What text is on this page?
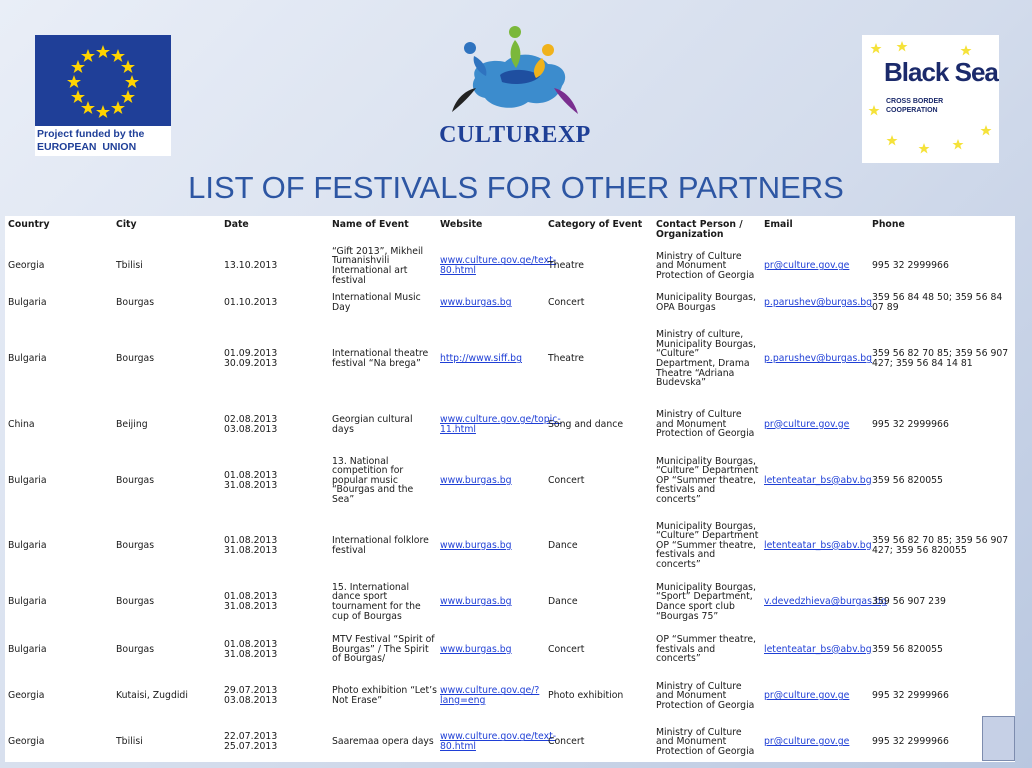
Project funded by the
EUROPEAN  UNION	CULTUREXP
Black Sea
CROSS BORDER
COOPERATION
LIST OF FESTIVALS FOR OTHER PARTNERS
Country	City	Date	Name of Event	Website	Category of Event	Contact Person / Organization	Email	Phone
Georgia	Tbilisi	13.10.2013	“Gift 2013”, Mikheil Tumanishvili International art festival	www.culture.gov.ge/text-80.html	Theatre	Ministry of Culture and Monument Protection of Georgia	pr@culture.gov.ge	995 32 2999966
Bulgaria	Bourgas	01.10.2013	International Music Day	www.burgas.bg	Concert	Municipality Bourgas, OPA Bourgas	p.parushev@burgas.bg	359 56 84 48 50; 359 56 84 07 89
Bulgaria	Bourgas	01.09.2013 30.09.2013	International theatre festival “Na brega”	http://www.siff.bg	Theatre	Ministry of culture, Municipality Bourgas, “Culture” Department, Drama Theatre “Adriana Budevska”	p.parushev@burgas.bg	359 56 82 70 85; 359 56 907 427; 359 56 84 14 81
China	Beijing	02.08.2013 03.08.2013	Georgian cultural days	www.culture.gov.ge/topic-11.html	Song and dance	Ministry of Culture and Monument Protection of Georgia	pr@culture.gov.ge	995 32 2999966
Bulgaria	Bourgas	01.08.2013 31.08.2013	13. National competition for popular music “Bourgas and the Sea”	www.burgas.bg	Concert	Municipality Bourgas, “Culture” Department OP “Summer theatre, festivals and concerts”	letenteatar_bs@abv.bg	359 56 820055
Bulgaria	Bourgas	01.08.2013 31.08.2013	International folklore festival	www.burgas.bg	Dance	Municipality Bourgas, “Culture” Department OP “Summer theatre, festivals and concerts”	letenteatar_bs@abv.bg	359 56 82 70 85; 359 56 907 427; 359 56 820055
Bulgaria	Bourgas	01.08.2013 31.08.2013	15. International dance sport tournament for the cup of Bourgas	www.burgas.bg	Dance	Municipality Bourgas, “Sport” Department, Dance sport club “Bourgas 75”	v.devedzhieva@burgas.bg	359 56 907 239
Bulgaria	Bourgas	01.08.2013 31.08.2013	MTV Festival “Spirit of Bourgas” / The Spirit of Bourgas/	www.burgas.bg	Concert	OP “Summer theatre, festivals and concerts”	letenteatar_bs@abv.bg	359 56 820055
Georgia	Kutaisi, Zugdidi	29.07.2013 03.08.2013	Photo exhibition “Let’s Not Erase”	www.culture.gov.ge/?lang=eng	Photo exhibition	Ministry of Culture and Monument Protection of Georgia	pr@culture.gov.ge	995 32 2999966
Georgia	Tbilisi	22.07.2013 25.07.2013	Saaremaa opera days	www.culture.gov.ge/text-80.html	Concert	Ministry of Culture and Monument Protection of Georgia	pr@culture.gov.ge	995 32 2999966
